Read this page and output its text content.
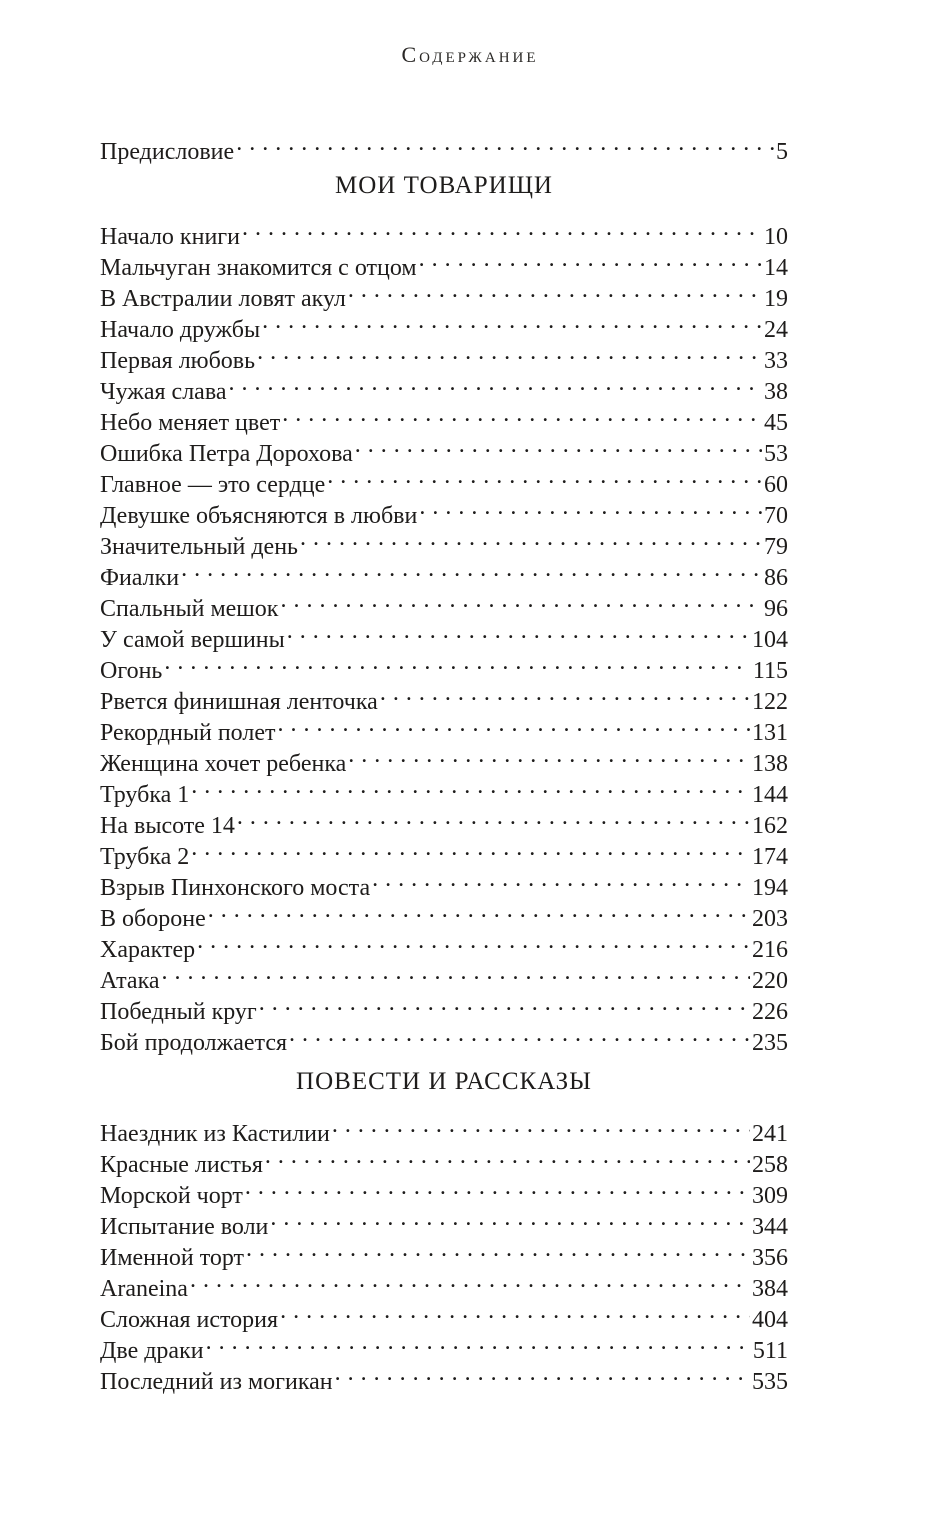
Содержание
Предисловие . . .	5
МОИ ТОВАРИЩИ
Начало книги . . .	10
Мальчуган знакомится с отцом . . .	14
В Австралии ловят акул . . .	19
Начало дружбы . . .	24
Первая любовь . . .	33
Чужая слава . . .	38
Небо меняет цвет . . .	45
Ошибка Петра Дорохова . . .	53
Главное — это сердце . . .	60
Девушке объясняются в любви . . .	70
Значительный день . . .	79
Фиалки . . .	86
Спальный мешок . . .	96
У самой вершины . . .	104
Огонь . . .	115
Рвется финишная ленточка . . .	122
Рекордный полет . . .	131
Женщина хочет ребенка . . .	138
Трубка 1 . . .	144
На высоте 14 . . .	162
Трубка 2 . . .	174
Взрыв Пинхонского моста . . .	194
В обороне . . .	203
Характер . . .	216
Атака . . .	220
Победный круг . . .	226
Бой продолжается . . .	235
ПОВЕСТИ И РАССКАЗЫ
Наездник из Кастилии . . .	241
Красные листья . . .	258
Морской чорт . . .	309
Испытание воли . . .	344
Именной торт . . .	356
Araneina . . .	384
Сложная история . . .	404
Две драки . . .	511
Последний из могикан . . .	535
